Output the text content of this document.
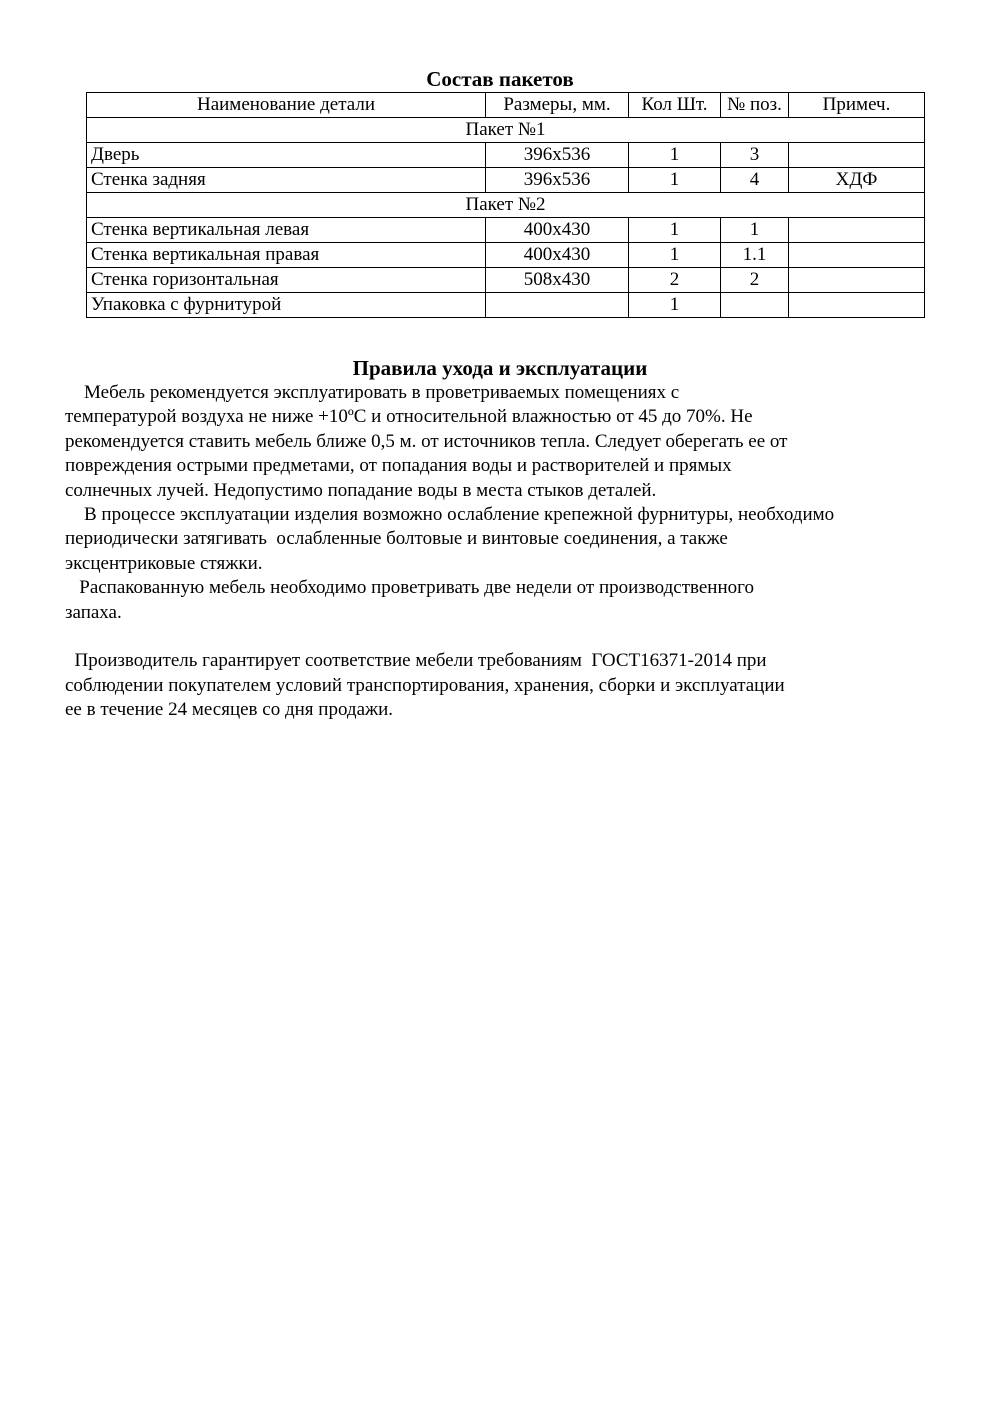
Состав пакетов
Наименование детали	Размеры, мм.	Кол Шт.	№ поз.	Примеч.
Пакет №1				
Дверь	396х536	1	3	
Стенка задняя	396х536	1	4	ХДФ
Пакет №2				
Стенка вертикальная левая	400х430	1	1	
Стенка вертикальная правая	400х430	1	1.1	
Стенка горизонтальная	508х430	2	2	
Упаковка с фурнитурой		1		
Правила ухода и эксплуатации
Мебель рекомендуется эксплуатировать в проветриваемых помещениях с
температурой воздуха не ниже +10ºC и относительной влажностью от 45 до 70%. Не
рекомендуется ставить мебель ближе 0,5 м. от источников тепла. Следует оберегать ее от
повреждения острыми предметами, от попадания воды и растворителей и прямых
солнечных лучей. Недопустимо попадание воды в места стыков деталей.
В процессе эксплуатации изделия возможно ослабление крепежной фурнитуры, необходимо
периодически затягивать  ослабленные болтовые и винтовые соединения, а также
эксцентриковые стяжки.
Распакованную мебель необходимо проветривать две недели от производственного
запаха.
Производитель гарантирует соответствие мебели требованиям  ГОСТ16371-2014 при
соблюдении покупателем условий транспортирования, хранения, сборки и эксплуатации
ее в течение 24 месяцев со дня продажи.
